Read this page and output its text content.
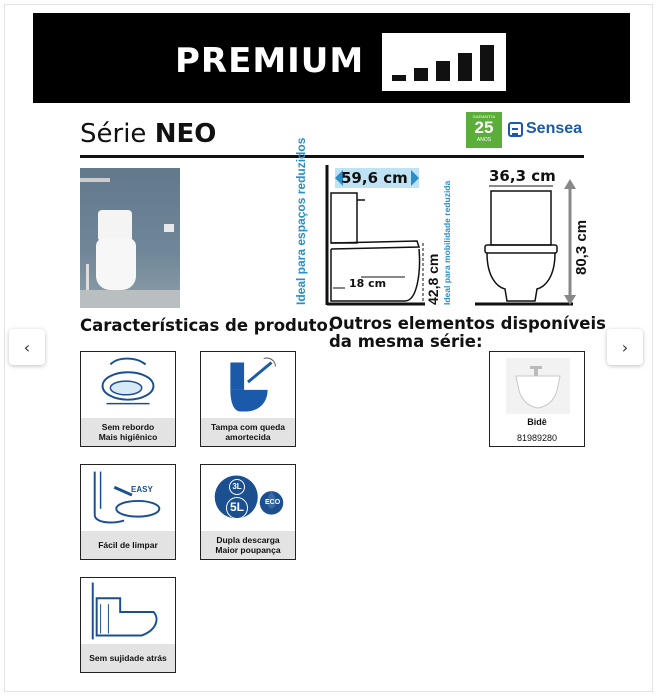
PREMIUM
Série NEO
GARANTIA
25
ANOS
Sensea
59,6 cm
18 cm
36,3 cm
Ideal para espaços reduzidos	42,8 cm Ideal para mobilidade reduzida	80,3 cm
Características de produto:
Outros elementos disponíveis
da mesma série:
Sem rebordo
Mais higiênico
Tampa com queda
amortecida
EASY
Fácil de limpar
3L
5L	ECO
Dupla descarga
Maior poupança
Sem sujidade atrás
Bidê
81989280
‹	›
